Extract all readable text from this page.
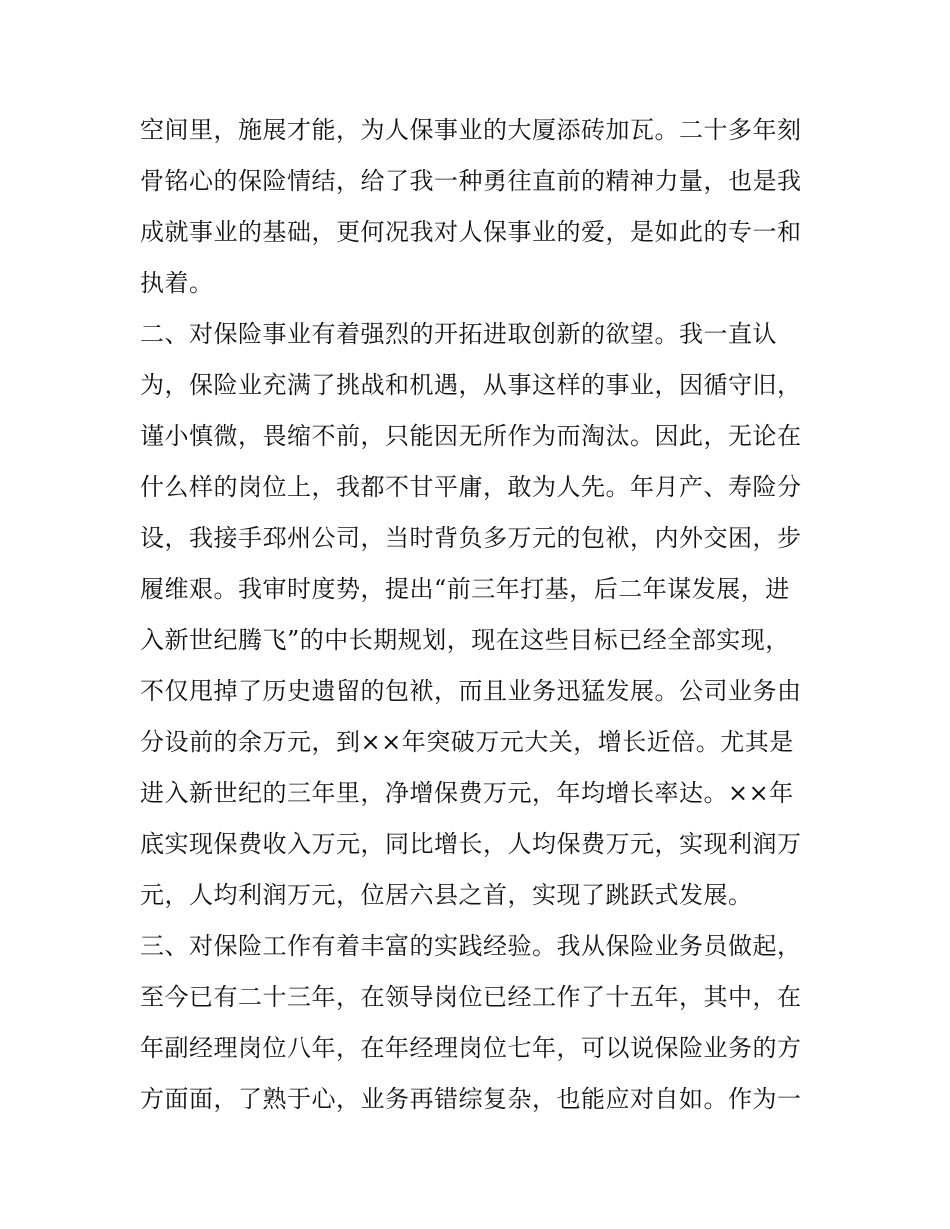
空间里，施展才能，为人保事业的大厦添砖加瓦。二十多年刻
骨铭心的保险情结，给了我一种勇往直前的精神力量，也是我
成就事业的基础，更何况我对人保事业的爱，是如此的专一和
执着。
二、对保险事业有着强烈的开拓进取创新的欲望。我一直认
为，保险业充满了挑战和机遇，从事这样的事业，因循守旧，
谨小慎微，畏缩不前，只能因无所作为而淘汰。因此，无论在
什么样的岗位上，我都不甘平庸，敢为人先。年月产、寿险分
设，我接手邳州公司，当时背负多万元的包袱，内外交困，步
履维艰。我审时度势，提出“前三年打基，后二年谋发展，进
入新世纪腾飞”的中长期规划，现在这些目标已经全部实现，
不仅甩掉了历史遗留的包袱，而且业务迅猛发展。公司业务由
分设前的余万元，到××年突破万元大关，增长近倍。尤其是
进入新世纪的三年里，净增保费万元，年均增长率达。××年
底实现保费收入万元，同比增长，人均保费万元，实现利润万
元，人均利润万元，位居六县之首，实现了跳跃式发展。
三、对保险工作有着丰富的实践经验。我从保险业务员做起，
至今已有二十三年，在领导岗位已经工作了十五年，其中，在
年副经理岗位八年，在年经理岗位七年，可以说保险业务的方
方面面，了熟于心，业务再错综复杂，也能应对自如。作为一
